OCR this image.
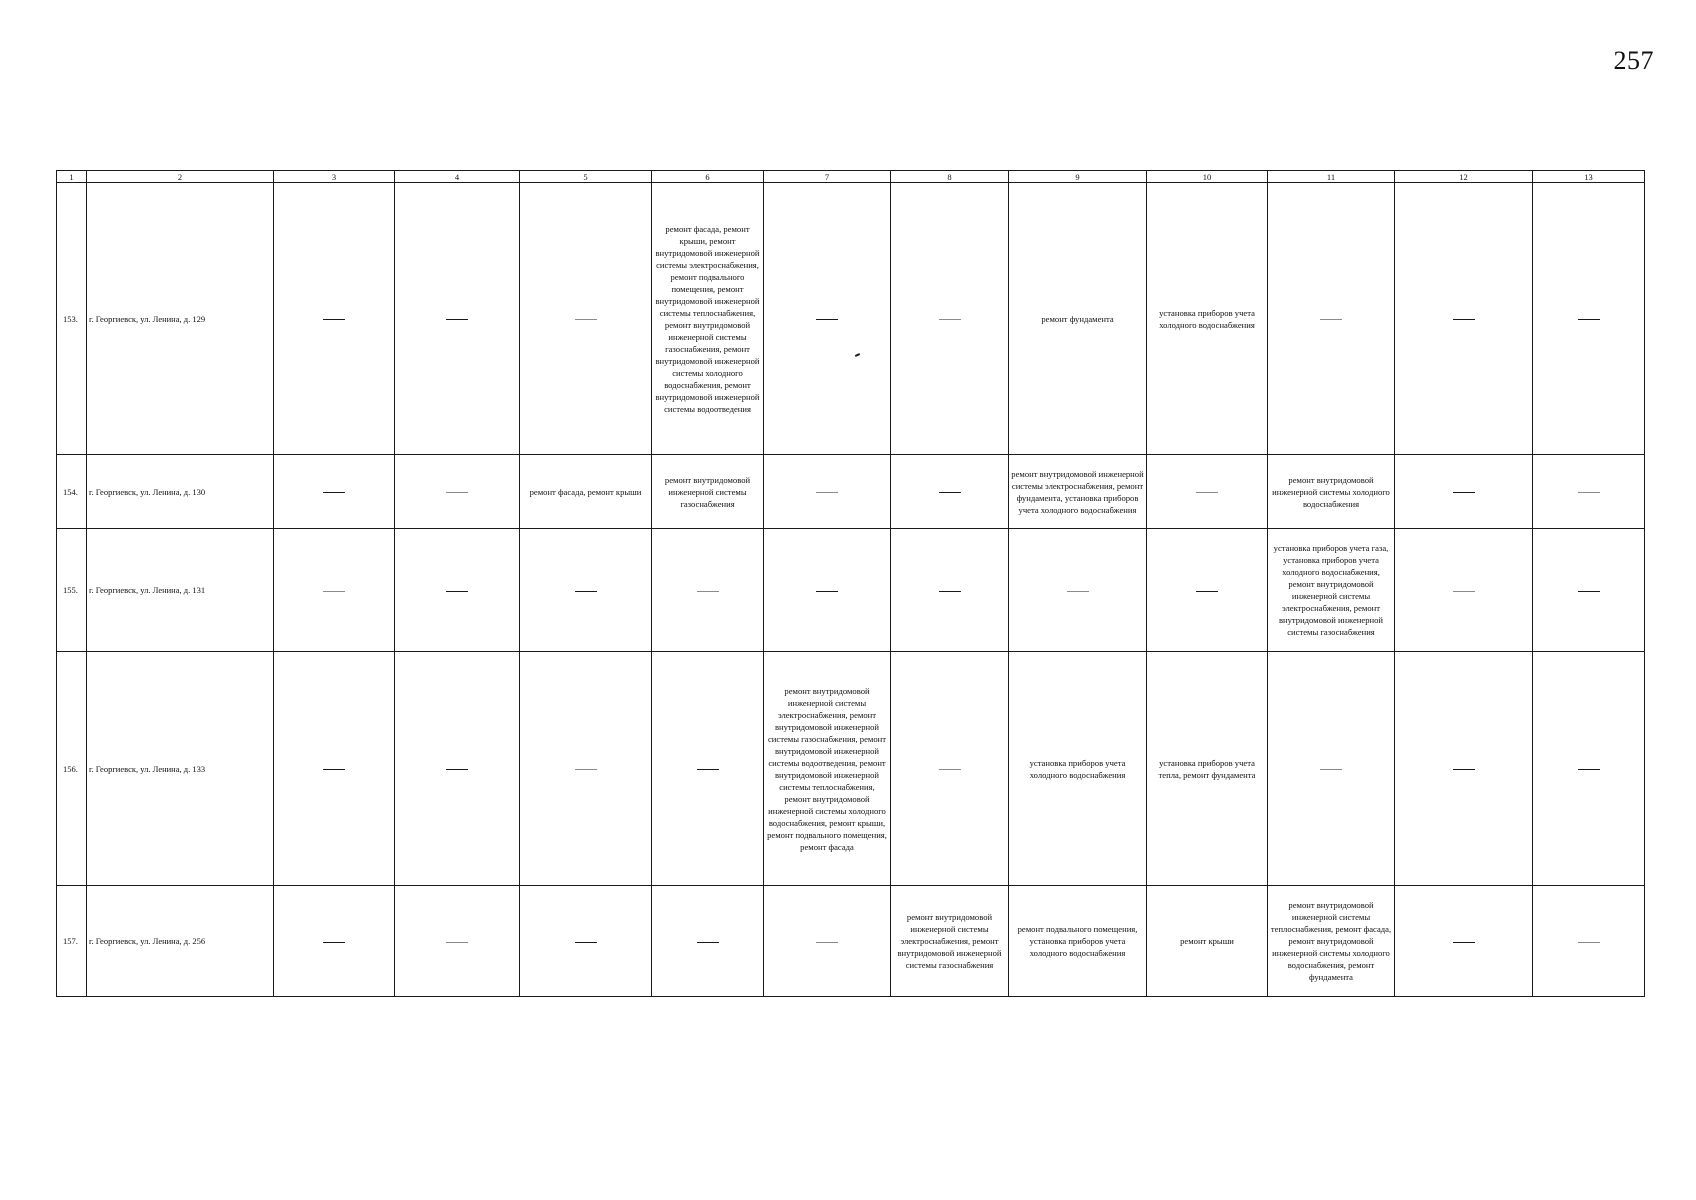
257
1	2	3	4	5	6	7	8	9	10	11	12	13
153.	г. Георгиевск, ул. Ленина, д. 129				ремонт фасада, ремонт крыши, ремонт внутридомовой инженерной системы электроснабжения, ремонт подвального помещения, ремонт внутридомовой инженерной системы теплоснабжения, ремонт внутридомовой инженерной системы газоснабжения, ремонт внутридомовой инженерной системы холодного водоснабжения, ремонт внутридомовой инженерной системы водоотведения			ремонт фундамента	установка приборов учета холодного водоснабжения			
154.	г. Георгиевск, ул. Ленина, д. 130			ремонт фасада, ремонт крыши	ремонт внутридомовой инженерной системы газоснабжения			ремонт внутридомовой инженерной системы электроснабжения, ремонт фундамента, установка приборов учета холодного водоснабжения		ремонт внутридомовой инженерной системы холодного водоснабжения		
155.	г. Георгиевск, ул. Ленина, д. 131									установка приборов учета газа, установка приборов учета холодного водоснабжения, ремонт внутридомовой инженерной системы электроснабжения, ремонт внутридомовой инженерной системы газоснабжения		
156.	г. Георгиевск, ул. Ленина, д. 133					ремонт внутридомовой инженерной системы электроснабжения, ремонт внутридомовой инженерной системы газоснабжения, ремонт внутридомовой инженерной системы водоотведения, ремонт внутридомовой инженерной системы теплоснабжения, ремонт внутридомовой инженерной системы холодного водоснабжения, ремонт крыши, ремонт подвального помещения, ремонт фасада		установка приборов учета холодного водоснабжения	установка приборов учета тепла, ремонт фундамента			
157.	г. Георгиевск, ул. Ленина, д. 256						ремонт внутридомовой инженерной системы электроснабжения, ремонт внутридомовой инженерной системы газоснабжения	ремонт подвального помещения, установка приборов учета холодного водоснабжения	ремонт крыши	ремонт внутридомовой инженерной системы теплоснабжения, ремонт фасада, ремонт внутридомовой инженерной системы холодного водоснабжения, ремонт фундамента		
